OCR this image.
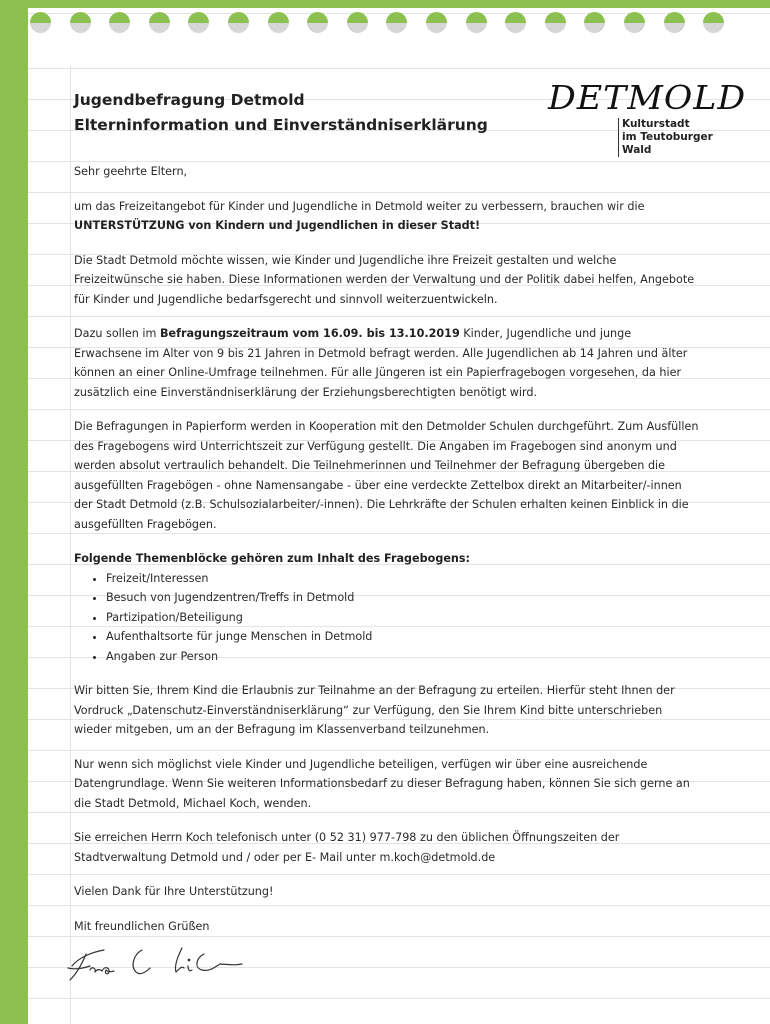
Jugendbefragung Detmold
Elterninformation und Einverständniserklärung
DETMOLD
Kulturstadt
im Teutoburger Wald

Sehr geehrte Eltern,

um das Freizeitangebot für Kinder und Jugendliche in Detmold weiter zu verbessern, brauchen wir die UNTERSTÜTZUNG von Kindern und Jugendlichen in dieser Stadt!

Die Stadt Detmold möchte wissen, wie Kinder und Jugendliche ihre Freizeit gestalten und welche Freizeitwünsche sie haben. Diese Informationen werden der Verwaltung und der Politik dabei helfen, Angebote für Kinder und Jugendliche bedarfsgerecht und sinnvoll weiterzuentwickeln.

Dazu sollen im Befragungszeitraum vom 16.09. bis 13.10.2019 Kinder, Jugendliche und junge Erwachsene im Alter von 9 bis 21 Jahren in Detmold befragt werden. Alle Jugendlichen ab 14 Jahren und älter können an einer Online-Umfrage teilnehmen. Für alle Jüngeren ist ein Papierfragebogen vorgesehen, da hier zusätzlich eine Einverständniserklärung der Erziehungsberechtigten benötigt wird.

Die Befragungen in Papierform werden in Kooperation mit den Detmolder Schulen durchgeführt. Zum Ausfüllen des Fragebogens wird Unterrichtszeit zur Verfügung gestellt. Die Angaben im Fragebogen sind anonym und werden absolut vertraulich behandelt. Die Teilnehmerinnen und Teilnehmer der Befragung übergeben die ausgefüllten Fragebögen - ohne Namensangabe - über eine verdeckte Zettelbox direkt an Mitarbeiter/-innen der Stadt Detmold (z.B. Schulsozialarbeiter/-innen). Die Lehrkräfte der Schulen erhalten keinen Einblick in die ausgefüllten Fragebögen.

Folgende Themenblöcke gehören zum Inhalt des Fragebogens:
• Freizeit/Interessen
• Besuch von Jugendzentren/Treffs in Detmold
• Partizipation/Beteiligung
• Aufenthaltsorte für junge Menschen in Detmold
• Angaben zur Person

Wir bitten Sie, Ihrem Kind die Erlaubnis zur Teilnahme an der Befragung zu erteilen. Hierfür steht Ihnen der Vordruck „Datenschutz-Einverständniserklärung“ zur Verfügung, den Sie Ihrem Kind bitte unterschrieben wieder mitgeben, um an der Befragung im Klassenverband teilzunehmen.

Nur wenn sich möglichst viele Kinder und Jugendliche beteiligen, verfügen wir über eine ausreichende Datengrundlage. Wenn Sie weiteren Informationsbedarf zu dieser Befragung haben, können Sie sich gerne an die Stadt Detmold, Michael Koch, wenden.

Sie erreichen Herrn Koch telefonisch unter (0 52 31) 977-798 zu den üblichen Öffnungszeiten der Stadtverwaltung Detmold und / oder per E- Mail unter m.koch@detmold.de

Vielen Dank für Ihre Unterstützung!

Mit freundlichen Grüßen
